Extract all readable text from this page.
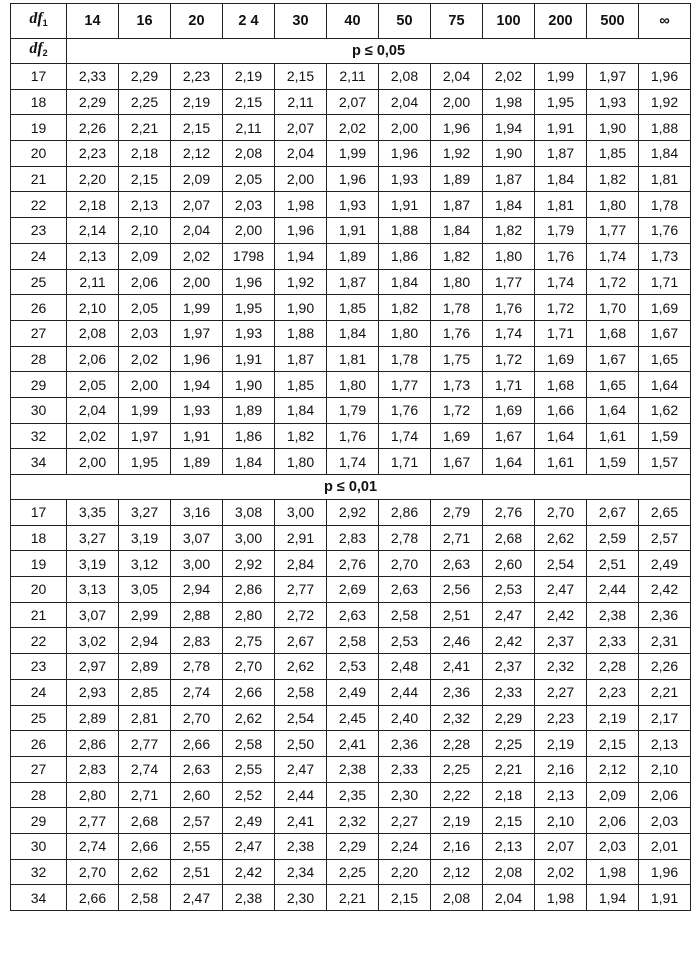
$df_1$	14	16	20	2 4	30	40	50	75	100	200	500	∞
$df_2$	p ≤ 0,05											
17	2,33	2,29	2,23	2,19	2,15	2,11	2,08	2,04	2,02	1,99	1,97	1,96
18	2,29	2,25	2,19	2,15	2,11	2,07	2,04	2,00	1,98	1,95	1,93	1,92
19	2,26	2,21	2,15	2,11	2,07	2,02	2,00	1,96	1,94	1,91	1,90	1,88
20	2,23	2,18	2,12	2,08	2,04	1,99	1,96	1,92	1,90	1,87	1,85	1,84
21	2,20	2,15	2,09	2,05	2,00	1,96	1,93	1,89	1,87	1,84	1,82	1,81
22	2,18	2,13	2,07	2,03	1,98	1,93	1,91	1,87	1,84	1,81	1,80	1,78
23	2,14	2,10	2,04	2,00	1,96	1,91	1,88	1,84	1,82	1,79	1,77	1,76
24	2,13	2,09	2,02	1798	1,94	1,89	1,86	1,82	1,80	1,76	1,74	1,73
25	2,11	2,06	2,00	1,96	1,92	1,87	1,84	1,80	1,77	1,74	1,72	1,71
26	2,10	2,05	1,99	1,95	1,90	1,85	1,82	1,78	1,76	1,72	1,70	1,69
27	2,08	2,03	1,97	1,93	1,88	1,84	1,80	1,76	1,74	1,71	1,68	1,67
28	2,06	2,02	1,96	1,91	1,87	1,81	1,78	1,75	1,72	1,69	1,67	1,65
29	2,05	2,00	1,94	1,90	1,85	1,80	1,77	1,73	1,71	1,68	1,65	1,64
30	2,04	1,99	1,93	1,89	1,84	1,79	1,76	1,72	1,69	1,66	1,64	1,62
32	2,02	1,97	1,91	1,86	1,82	1,76	1,74	1,69	1,67	1,64	1,61	1,59
34	2,00	1,95	1,89	1,84	1,80	1,74	1,71	1,67	1,64	1,61	1,59	1,57
p ≤ 0,01												
17	3,35	3,27	3,16	3,08	3,00	2,92	2,86	2,79	2,76	2,70	2,67	2,65
18	3,27	3,19	3,07	3,00	2,91	2,83	2,78	2,71	2,68	2,62	2,59	2,57
19	3,19	3,12	3,00	2,92	2,84	2,76	2,70	2,63	2,60	2,54	2,51	2,49
20	3,13	3,05	2,94	2,86	2,77	2,69	2,63	2,56	2,53	2,47	2,44	2,42
21	3,07	2,99	2,88	2,80	2,72	2,63	2,58	2,51	2,47	2,42	2,38	2,36
22	3,02	2,94	2,83	2,75	2,67	2,58	2,53	2,46	2,42	2,37	2,33	2,31
23	2,97	2,89	2,78	2,70	2,62	2,53	2,48	2,41	2,37	2,32	2,28	2,26
24	2,93	2,85	2,74	2,66	2,58	2,49	2,44	2,36	2,33	2,27	2,23	2,21
25	2,89	2,81	2,70	2,62	2,54	2,45	2,40	2,32	2,29	2,23	2,19	2,17
26	2,86	2,77	2,66	2,58	2,50	2,41	2,36	2,28	2,25	2,19	2,15	2,13
27	2,83	2,74	2,63	2,55	2,47	2,38	2,33	2,25	2,21	2,16	2,12	2,10
28	2,80	2,71	2,60	2,52	2,44	2,35	2,30	2,22	2,18	2,13	2,09	2,06
29	2,77	2,68	2,57	2,49	2,41	2,32	2,27	2,19	2,15	2,10	2,06	2,03
30	2,74	2,66	2,55	2,47	2,38	2,29	2,24	2,16	2,13	2,07	2,03	2,01
32	2,70	2,62	2,51	2,42	2,34	2,25	2,20	2,12	2,08	2,02	1,98	1,96
34	2,66	2,58	2,47	2,38	2,30	2,21	2,15	2,08	2,04	1,98	1,94	1,91
